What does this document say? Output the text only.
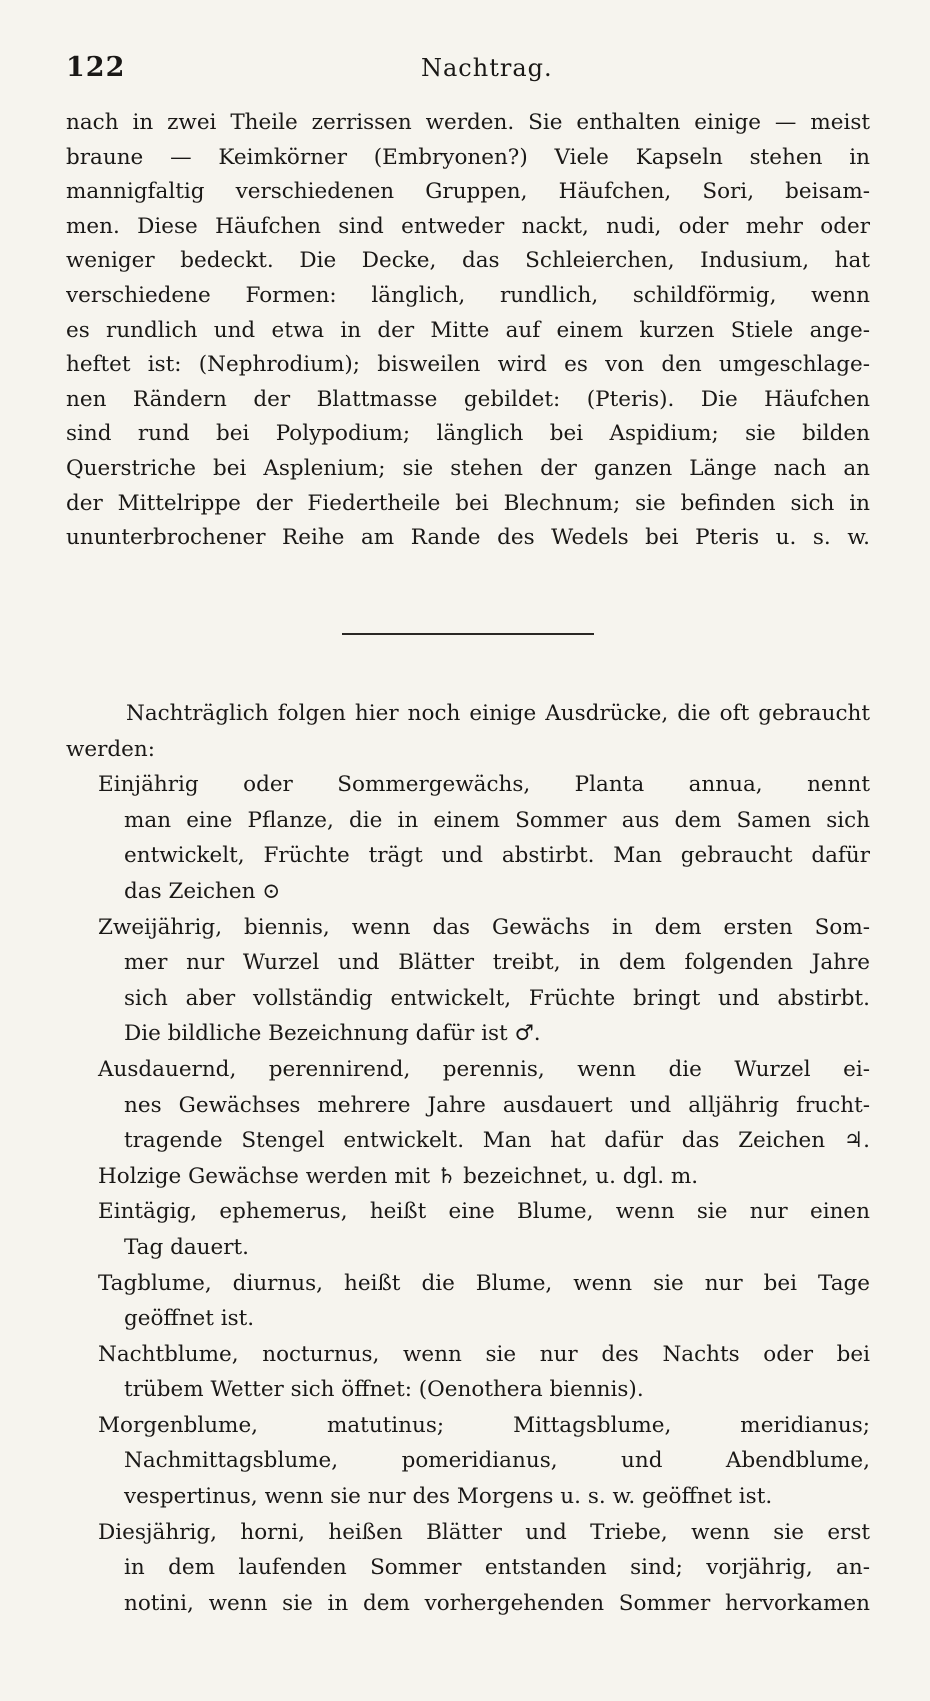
122	Nachtrag.
nach in zwei Theile zerrissen werden. Sie enthalten einige — meist
braune — Keimkörner (Embryonen?) Viele Kapseln stehen in
mannigfaltig verschiedenen Gruppen, Häufchen, Sori, beisam-
men. Diese Häufchen sind entweder nackt, nudi, oder mehr oder
weniger bedeckt. Die Decke, das Schleierchen, Indusium, hat
verschiedene Formen: länglich, rundlich, schildförmig, wenn
es rundlich und etwa in der Mitte auf einem kurzen Stiele ange-
heftet ist: (Nephrodium); bisweilen wird es von den umgeschlage-
nen Rändern der Blattmasse gebildet: (Pteris). Die Häufchen
sind rund bei Polypodium; länglich bei Aspidium; sie bilden
Querstriche bei Asplenium; sie stehen der ganzen Länge nach an
der Mittelrippe der Fiedertheile bei Blechnum; sie befinden sich in
ununterbrochener Reihe am Rande des Wedels bei Pteris u. s. w.
Nachträglich folgen hier noch einige Ausdrücke, die oft gebraucht
werden:
Einjährig oder Sommergewächs, Planta annua, nennt
man eine Pflanze, die in einem Sommer aus dem Samen sich
entwickelt, Früchte trägt und abstirbt. Man gebraucht dafür
das Zeichen ⊙
Zweijährig, biennis, wenn das Gewächs in dem ersten Som-
mer nur Wurzel und Blätter treibt, in dem folgenden Jahre
sich aber vollständig entwickelt, Früchte bringt und abstirbt.
Die bildliche Bezeichnung dafür ist ♂.
Ausdauernd, perennirend, perennis, wenn die Wurzel ei-
nes Gewächses mehrere Jahre ausdauert und alljährig frucht-
tragende Stengel entwickelt. Man hat dafür das Zeichen ♃.
Holzige Gewächse werden mit ♄ bezeichnet, u. dgl. m.
Eintägig, ephemerus, heißt eine Blume, wenn sie nur einen
Tag dauert.
Tagblume, diurnus, heißt die Blume, wenn sie nur bei Tage
geöffnet ist.
Nachtblume, nocturnus, wenn sie nur des Nachts oder bei
trübem Wetter sich öffnet: (Oenothera biennis).
Morgenblume, matutinus; Mittagsblume, meridianus;
Nachmittagsblume, pomeridianus, und Abendblume,
vespertinus, wenn sie nur des Morgens u. s. w. geöffnet ist.
Diesjährig, horni, heißen Blätter und Triebe, wenn sie erst
in dem laufenden Sommer entstanden sind; vorjährig, an-
notini, wenn sie in dem vorhergehenden Sommer hervorkamen
